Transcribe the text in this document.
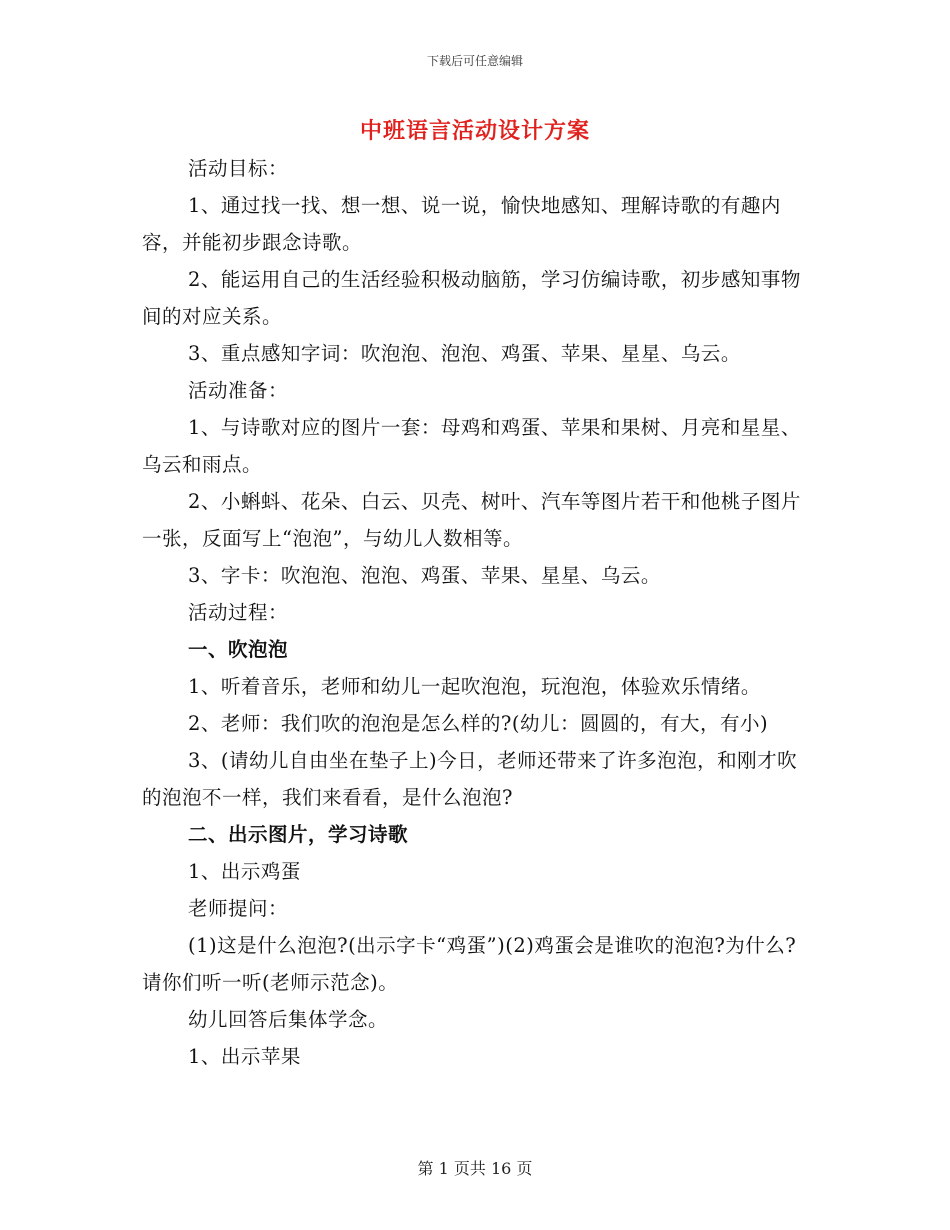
下载后可任意编辑
中班语言活动设计方案

活动目标：

1、通过找一找、想一想、说一说，愉快地感知、理解诗歌的有趣内容，并能初步跟念诗歌。

2、能运用自己的生活经验积极动脑筋，学习仿编诗歌，初步感知事物间的对应关系。

3、重点感知字词：吹泡泡、泡泡、鸡蛋、苹果、星星、乌云。

活动准备：

1、与诗歌对应的图片一套：母鸡和鸡蛋、苹果和果树、月亮和星星、乌云和雨点。

2、小蝌蚪、花朵、白云、贝壳、树叶、汽车等图片若干和他桃子图片一张，反面写上“泡泡”，与幼儿人数相等。

3、字卡：吹泡泡、泡泡、鸡蛋、苹果、星星、乌云。

活动过程：

一、吹泡泡

1、听着音乐，老师和幼儿一起吹泡泡，玩泡泡，体验欢乐情绪。

2、老师：我们吹的泡泡是怎么样的?(幼儿：圆圆的，有大，有小)

3、(请幼儿自由坐在垫子上)今日，老师还带来了许多泡泡，和刚才吹的泡泡不一样，我们来看看，是什么泡泡?

二、出示图片，学习诗歌

1、出示鸡蛋

老师提问：

(1)这是什么泡泡?(出示字卡“鸡蛋”)(2)鸡蛋会是谁吹的泡泡?为什么?请你们听一听(老师示范念)。

幼儿回答后集体学念。

1、出示苹果

第 1 页共 16 页
